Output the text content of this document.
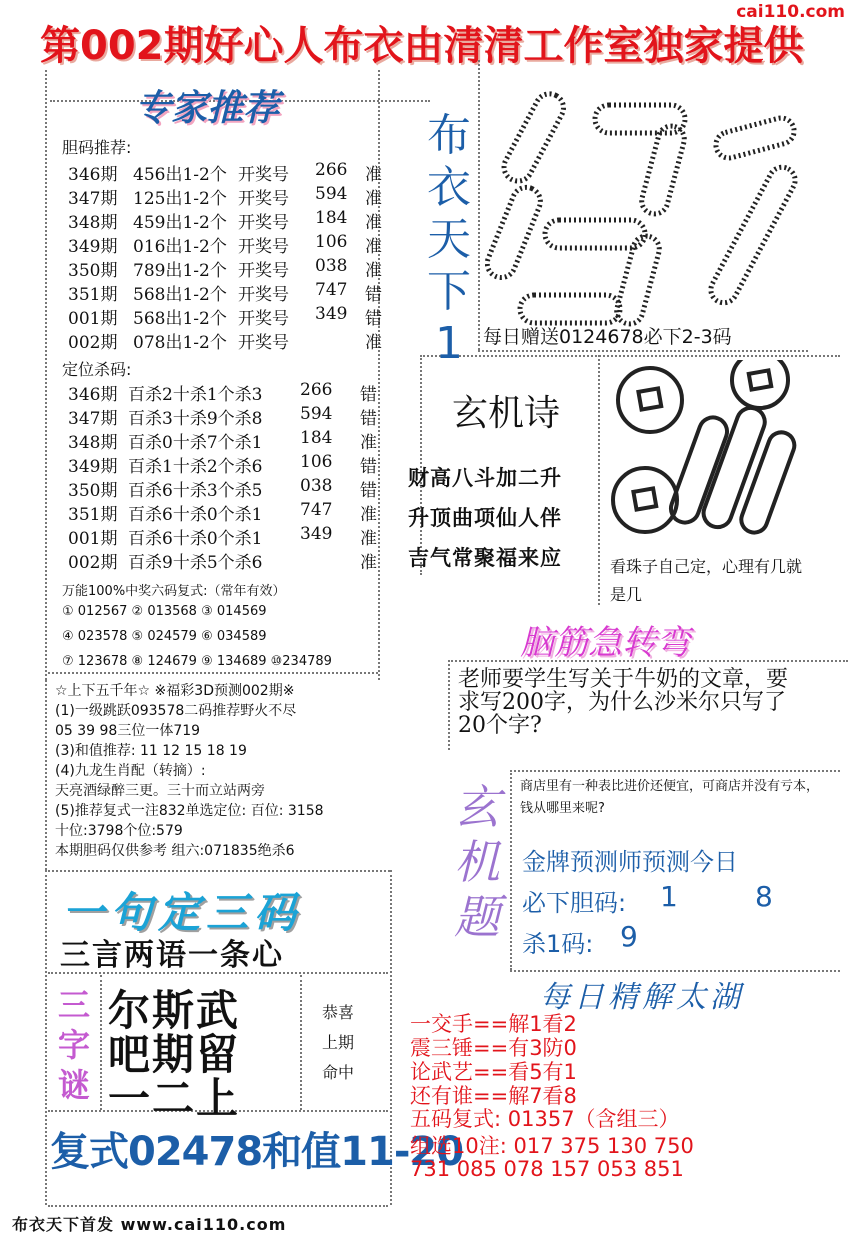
第002期好心人布衣由清清工作室独家提供
cai110.com
专家推荐
胆码推荐:
346期 456出1-2个 开奖号 266 准
347期 125出1-2个 开奖号 594 准
348期 459出1-2个 开奖号 184 准
349期 016出1-2个 开奖号 106 准
350期 789出1-2个 开奖号 038 准
351期 568出1-2个 开奖号 747 错
001期 568出1-2个 开奖号 349 错
002期 078出1-2个 开奖号	准
定位杀码:
346期 百杀2十杀1个杀3 266 错
347期 百杀3十杀9个杀8 594 错
348期 百杀0十杀7个杀1 184 准
349期 百杀1十杀2个杀6 106 错
350期 百杀6十杀3个杀5 038 错
351期 百杀6十杀0个杀1 747 准
001期 百杀6十杀0个杀1 349 准
002期 百杀9十杀5个杀6	准
万能100%中奖六码复式:（常年有效）
① 012567 ② 013568 ③ 014569
④ 023578 ⑤ 024579 ⑥ 034589
⑦ 123678 ⑧ 124679 ⑨ 134689 ⑩234789
☆上下五千年☆ ※福彩3D预测002期※
(1)一级跳跃093578二码推荐野火不尽
05 39 98三位一体719
(3)和值推荐: 11 12 15 18 19
(4)九龙生肖配（转摘）:
天亮酒绿醉三更。三十而立站两旁
(5)推荐复式一注832单选定位: 百位: 3158
十位:3798个位:579
本期胆码仅供参考 组六:071835绝杀6
一句定三码
三言两语一条心
三字谜
尔斯武
吧期留
一二上
恭喜
上期
命中
复式02478和值11-20
布衣天下1	每日赠送0124678必下2-3码
玄机诗
财高八斗加二升
升顶曲项仙人伴
吉气常聚福来应	看珠子自己定，心理有几就是几
脑筋急转弯
老师要学生写关于牛奶的文章，要求写200字，为什么沙米尔只写了20个字?
玄机题
商店里有一种表比进价还便宜，可商店并没有亏本，钱从哪里来呢?
金牌预测师预测今日
必下胆码: 1	8
杀1码: 9
每日精解太湖
一交手==解1看2
震三锤==有3防0
论武艺==看5有1
还有谁==解7看8
五码复式: 01357（含组三）
组选10注: 017 375 130 750
731 085 078 157 053 851
布衣天下首发 www.cai110.com
